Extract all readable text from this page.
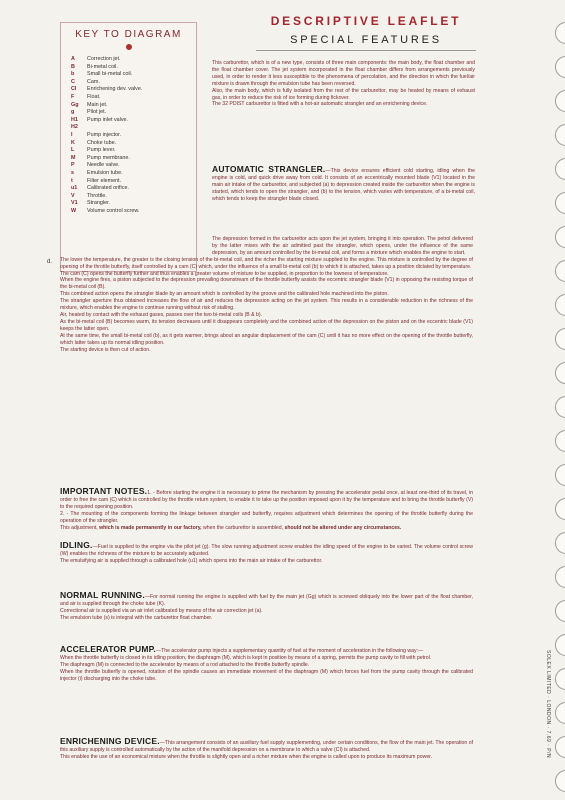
SOLEX LIMITED · LONDON · 7.69 · P/N
KEY TO DIAGRAM
A	Correction jet.
B	Bi-metal coil.
b	Small bi-metal coil.
C	Cam.
CI	Enrichening dev. valve.
F	Float.
Gg	Main jet.
g	Pilot jet.
H1	Pump inlet valve.
H2
I	Pump injector.
K	Choke tube.
L	Pump lever.
M	Pump membrane.
P	Needle valve.
s	Emulsion tube.
t	Filter element.
u1	Calibrated orifice.
V	Throttle.
V1	Strangler.
W	Volume control screw.
d.
DESCRIPTIVE LEAFLET
SPECIAL FEATURES

This carburettor, which is of a new type, consists of three main components: the main body, the float chamber and the float chamber cover. The jet system incorporated in the float chamber differs from arrangements previously used, in order to render it less susceptible to the phenomena of percolation, and the direction in which the fuel/air mixture is drawn through the emulsion tube has been reversed.

Also, the main body, which is fully isolated from the rest of the carburettor, may be heated by means of exhaust gas, in order to reduce the risk of ice forming during fickover.

The 32 PDIST carburettor is fitted with a hot-air automatic strangler and an enrichening device.

AUTOMATIC STRANGLER.—This device ensures efficient cold starting, idling when the engine is cold, and quick drive away from cold. It consists of an eccentrically mounted blade (V1) located in the main air intake of the carburettor, and subjected (a) to depression created inside the carburettor when the engine is started, which tends to open the strangler, and (b) to the tension, which varies with temperature, of a bi-metal coil, which tends to keep the strangler blade closed.

The depression formed in the carburettor acts upon the jet system, bringing it into operation. The petrol delivered by the latter mixes with the air admitted past the strangler, which opens, under the influence of the same depression, by an amount controlled by the bi-metal coil, and forms a mixture which enables the engine to start.

The lower the temperature, the greater is the closing tension of the bi-metal coil, and the richer the starting mixture supplied to the engine. This mixture is controlled by the degree of opening of the throttle butterfly, itself controlled by a cam (C) which, under the influence of a small bi-metal coil (b) to which it is attached, takes up a position dictated by temperature.

The cam (C) opens the butterfly further and thus enables a greater volume of mixture to be supplied, in proportion to the lowness of temperature.

When the engine fires, a piston subjected to the depression prevailing downstream of the throttle butterfly assists the eccentric strangler blade (V1) in opposing the resisting torque of the bi-metal coil (B).

This combined action opens the strangler blade by an amount which is controlled by the groove and the calibrated hole machined into the piston.

The strangler aperture thus obtained increases the flow of air and reduces the depression acting on the jet system. This results in a considerable reduction in the richness of the mixture, which enables the engine to continue running without risk of stalling.

Air, heated by contact with the exhaust gases, passes over the two bi-metal coils (B & b).

As the bi-metal coil (B) becomes warm, its tension decreases until it disappears completely and the combined action of the depression on the piston and on the eccentric blade (V1) keeps the latter open.

At the same time, the small bi-metal coil (b), as it gets warmer, brings about an angular displacement of the cam (C) until it has no more effect on the opening of the throttle butterfly, which latter takes up its normal idling position.

The starting device is then cut of action.

IMPORTANT NOTES.1. - Before starting the engine it is necessary to prime the mechanism by pressing the accelerator pedal once, at least one-third of its travel, in order to free the cam (C) which is controlled by the throttle return system, to enable it to take up the position imposed upon it by the temperature and to bring the throttle butterfly (V) to the required opening position.

2. - The mounting of the components forming the linkage between strangler and butterfly, requires adjustment which determines the opening of the throttle butterfly during the operation of the strangler.

This adjustment, which is made permanently in our factory, when the carburettor is assembled, should not be altered under any circumstances.

IDLING.—Fuel is supplied to the engine via the pilot jet (g). The slow running adjustment screw enables the idling speed of the engine to be varied. The volume control screw (W) enables the richness of the mixture to be accurately adjusted.

The emulsifying air is supplied through a calibrated hole (u1) which opens into the main air intake of the carburettor.

NORMAL RUNNING.—For normal running the engine is supplied with fuel by the main jet (Gg) which is screwed obliquely into the lower part of the float chamber, and air is supplied through the choke tube (K).

Correctional air is supplied via an air inlet calibrated by means of the air correction jet (a).

The emulsion tube (s) is integral with the carburettor float chamber.

ACCELERATOR PUMP.—The accelerator pump injects a supplementary quantity of fuel at the moment of acceleration in the following way:—

When the throttle butterfly is closed in its idling position, the diaphragm (M), which is kept in position by means of a spring, permits the pump cavity to fill with petrol.

The diaphragm (M) is connected to the accelerator by means of a rod attached to the throttle butterfly spindle.

When the throttle butterfly is opened, rotation of the spindle causes an immediate movement of the diaphragm (M) which forces fuel from the pump cavity through the calibrated injector (i) discharging into the choke tube.

ENRICHENING DEVICE.—This arrangement consists of an auxiliary fuel supply supplementing, under certain conditions, the flow of the main jet. The operation of this auxiliary supply is controlled automatically by the action of the manifold depression on a membrane to which a valve (CI) is attached.

This enables the use of an economical mixture when the throttle is slightly open and a richer mixture when the engine is called upon to produce its maximum power.
